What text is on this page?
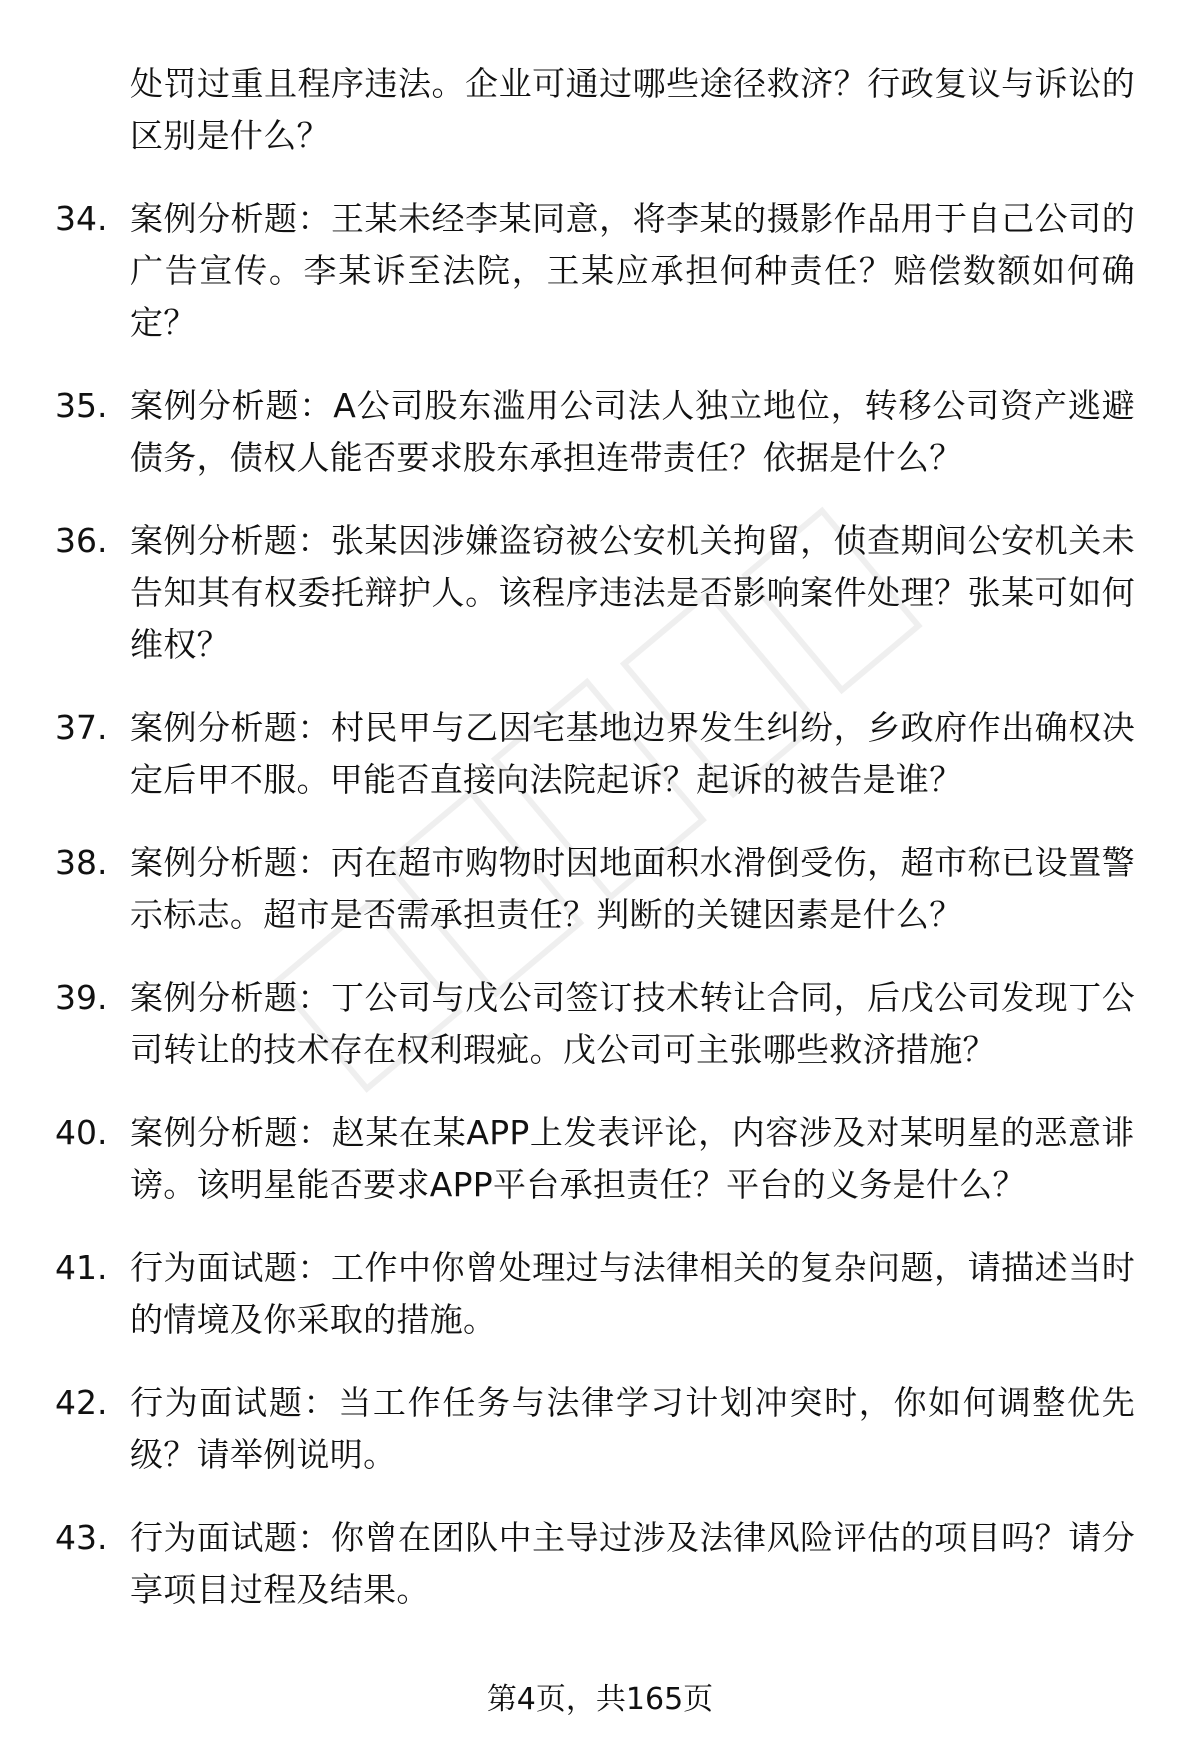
处罚过重且程序违法。企业可通过哪些途径救济？行政复议与诉讼的区别是什么？
34. 案例分析题：王某未经李某同意，将李某的摄影作品用于自己公司的广告宣传。李某诉至法院，王某应承担何种责任？赔偿数额如何确定？
35. 案例分析题：A公司股东滥用公司法人独立地位，转移公司资产逃避债务，债权人能否要求股东承担连带责任？依据是什么？
36. 案例分析题：张某因涉嫌盗窃被公安机关拘留，侦查期间公安机关未告知其有权委托辩护人。该程序违法是否影响案件处理？张某可如何维权？
37. 案例分析题：村民甲与乙因宅基地边界发生纠纷，乡政府作出确权决定后甲不服。甲能否直接向法院起诉？起诉的被告是谁？
38. 案例分析题：丙在超市购物时因地面积水滑倒受伤，超市称已设置警示标志。超市是否需承担责任？判断的关键因素是什么？
39. 案例分析题：丁公司与戊公司签订技术转让合同，后戊公司发现丁公司转让的技术存在权利瑕疵。戊公司可主张哪些救济措施？
40. 案例分析题：赵某在某APP上发表评论，内容涉及对某明星的恶意诽谤。该明星能否要求APP平台承担责任？平台的义务是什么？
41. 行为面试题：工作中你曾处理过与法律相关的复杂问题，请描述当时的情境及你采取的措施。
42. 行为面试题：当工作任务与法律学习计划冲突时，你如何调整优先级？请举例说明。
43. 行为面试题：你曾在团队中主导过涉及法律风险评估的项目吗？请分享项目过程及结果。
第4页，共165页
